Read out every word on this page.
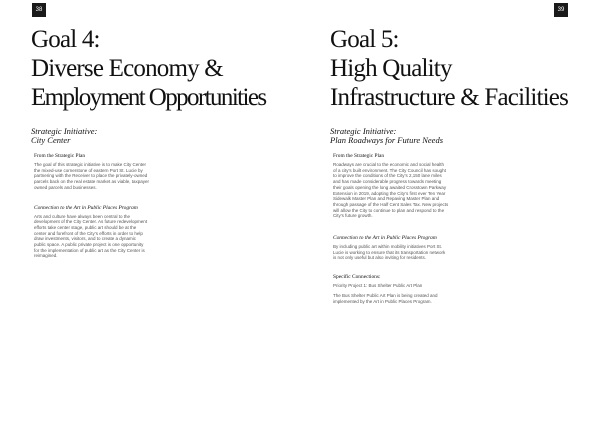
38
Goal 4:
Diverse Economy &
Employment Opportunities

Strategic Initiative:
City Center

From the Strategic Plan
The goal of this strategic initiative is to make City Center
the mixed-use cornerstone of eastern Port St. Lucie by
partnering with the Receiver to place the privately-owned
parcels back on the real estate market as viable, taxpayer
owned parcels and businesses.
Connection to the Art in Public Places Program
Arts and culture have always been central to the
development of the City Center. As future redevelopment
efforts take center stage, public art should be at the
center and forefront of the City’s efforts in order to help
draw investments, visitors, and to create a dynamic
public space. A public private project is one opportunity
for the implementation of public art as the City Center is
reimagined.
39
Goal 5:
High Quality
Infrastructure & Facilities

Strategic Initiative:
Plan Roadways for Future Needs

From the Strategic Plan
Roadways are crucial to the economic and social health
of a city’s built environment. The City Council has sought
to improve the conditions of the City’s 2,150 lane miles
and has made considerable progress towards meeting
their goals opening the long awaited Crosstown Parkway
Extension in 2019, adopting the City’s first ever Ten Year
Sidewalk Master Plan and Repaving Master Plan and
through passage of the Half Cent Sales Tax. New projects
will allow the City to continue to plan and respond to the
City’s future growth.
Connection to the Art in Public Places Program
By including public art within mobility initiatives Port St.
Lucie is working to ensure that its transportation network
is not only useful but also inviting for residents.
Specific Connections:
Priority Project 1: Bus Shelter Public Art Plan
The Bus Shelter Public Art Plan is being created and
implemented by the Art in Public Places Program.
